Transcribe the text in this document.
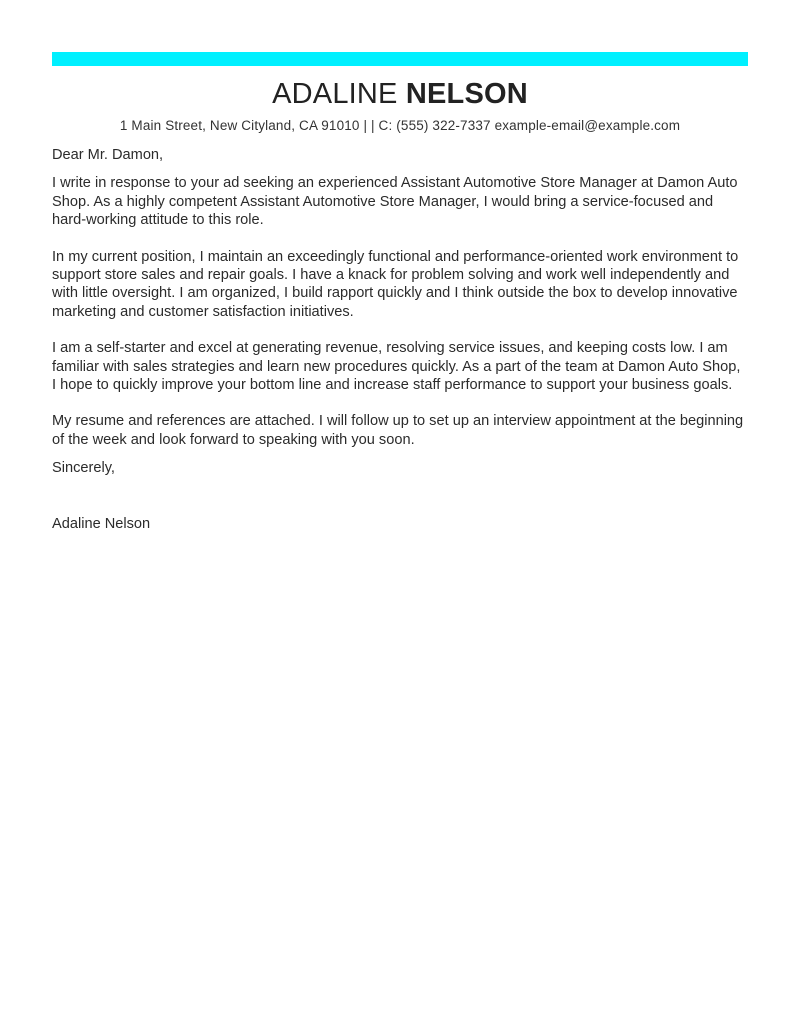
ADALINE NELSON
1 Main Street, New Cityland, CA 91010 | | C: (555) 322-7337 example-email@example.com

Dear Mr. Damon,

I write in response to your ad seeking an experienced Assistant Automotive Store Manager at Damon Auto Shop. As a highly competent Assistant Automotive Store Manager, I would bring a service-focused and hard-working attitude to this role.

In my current position, I maintain an exceedingly functional and performance-oriented work environment to support store sales and repair goals. I have a knack for problem solving and work well independently and with little oversight. I am organized, I build rapport quickly and I think outside the box to develop innovative marketing and customer satisfaction initiatives.

I am a self-starter and excel at generating revenue, resolving service issues, and keeping costs low. I am familiar with sales strategies and learn new procedures quickly. As a part of the team at Damon Auto Shop, I hope to quickly improve your bottom line and increase staff performance to support your business goals.

My resume and references are attached. I will follow up to set up an interview appointment at the beginning of the week and look forward to speaking with you soon.

Sincerely,

Adaline Nelson
